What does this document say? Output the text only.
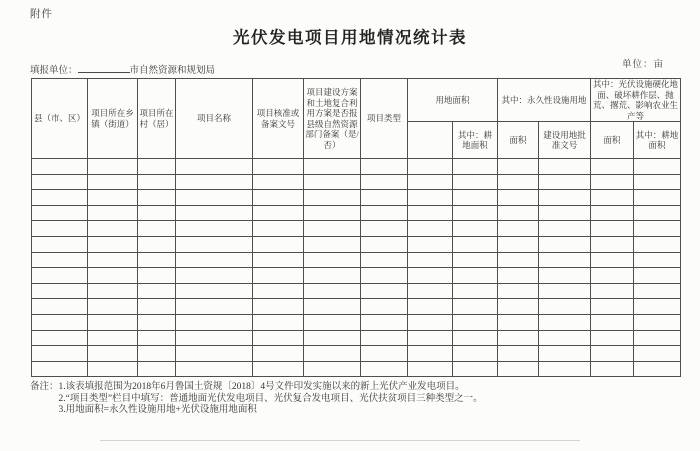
附件
光伏发电项目用地情况统计表
填报单位：	市自然资源和规划局
单位：亩
县（市、区）	项目所在乡镇（街道）	项目所在村（居）	项目名称	项目核准或备案文号	项目建设方案和土地复合利用方案是否报县级自然资源部门备案（是/否）	项目类型	用地面积		其中：永久性设施用地		其中：光伏设施硬化地面、破坏耕作层、抛荒、撂荒、影响农业生产等	
								其中：耕地面积	面积	建设用地批准文号	面积	其中：耕地面积

备注： 1.该表填报范围为2018年6月鲁国土资规〔2018〕4号文件印发实施以来的新上光伏产业发电项目。
2.“项目类型”栏目中填写：普通地面光伏发电项目、光伏复合发电项目、光伏扶贫项目三种类型之一。
3.用地面积=永久性设施用地+光伏设施用地面积
